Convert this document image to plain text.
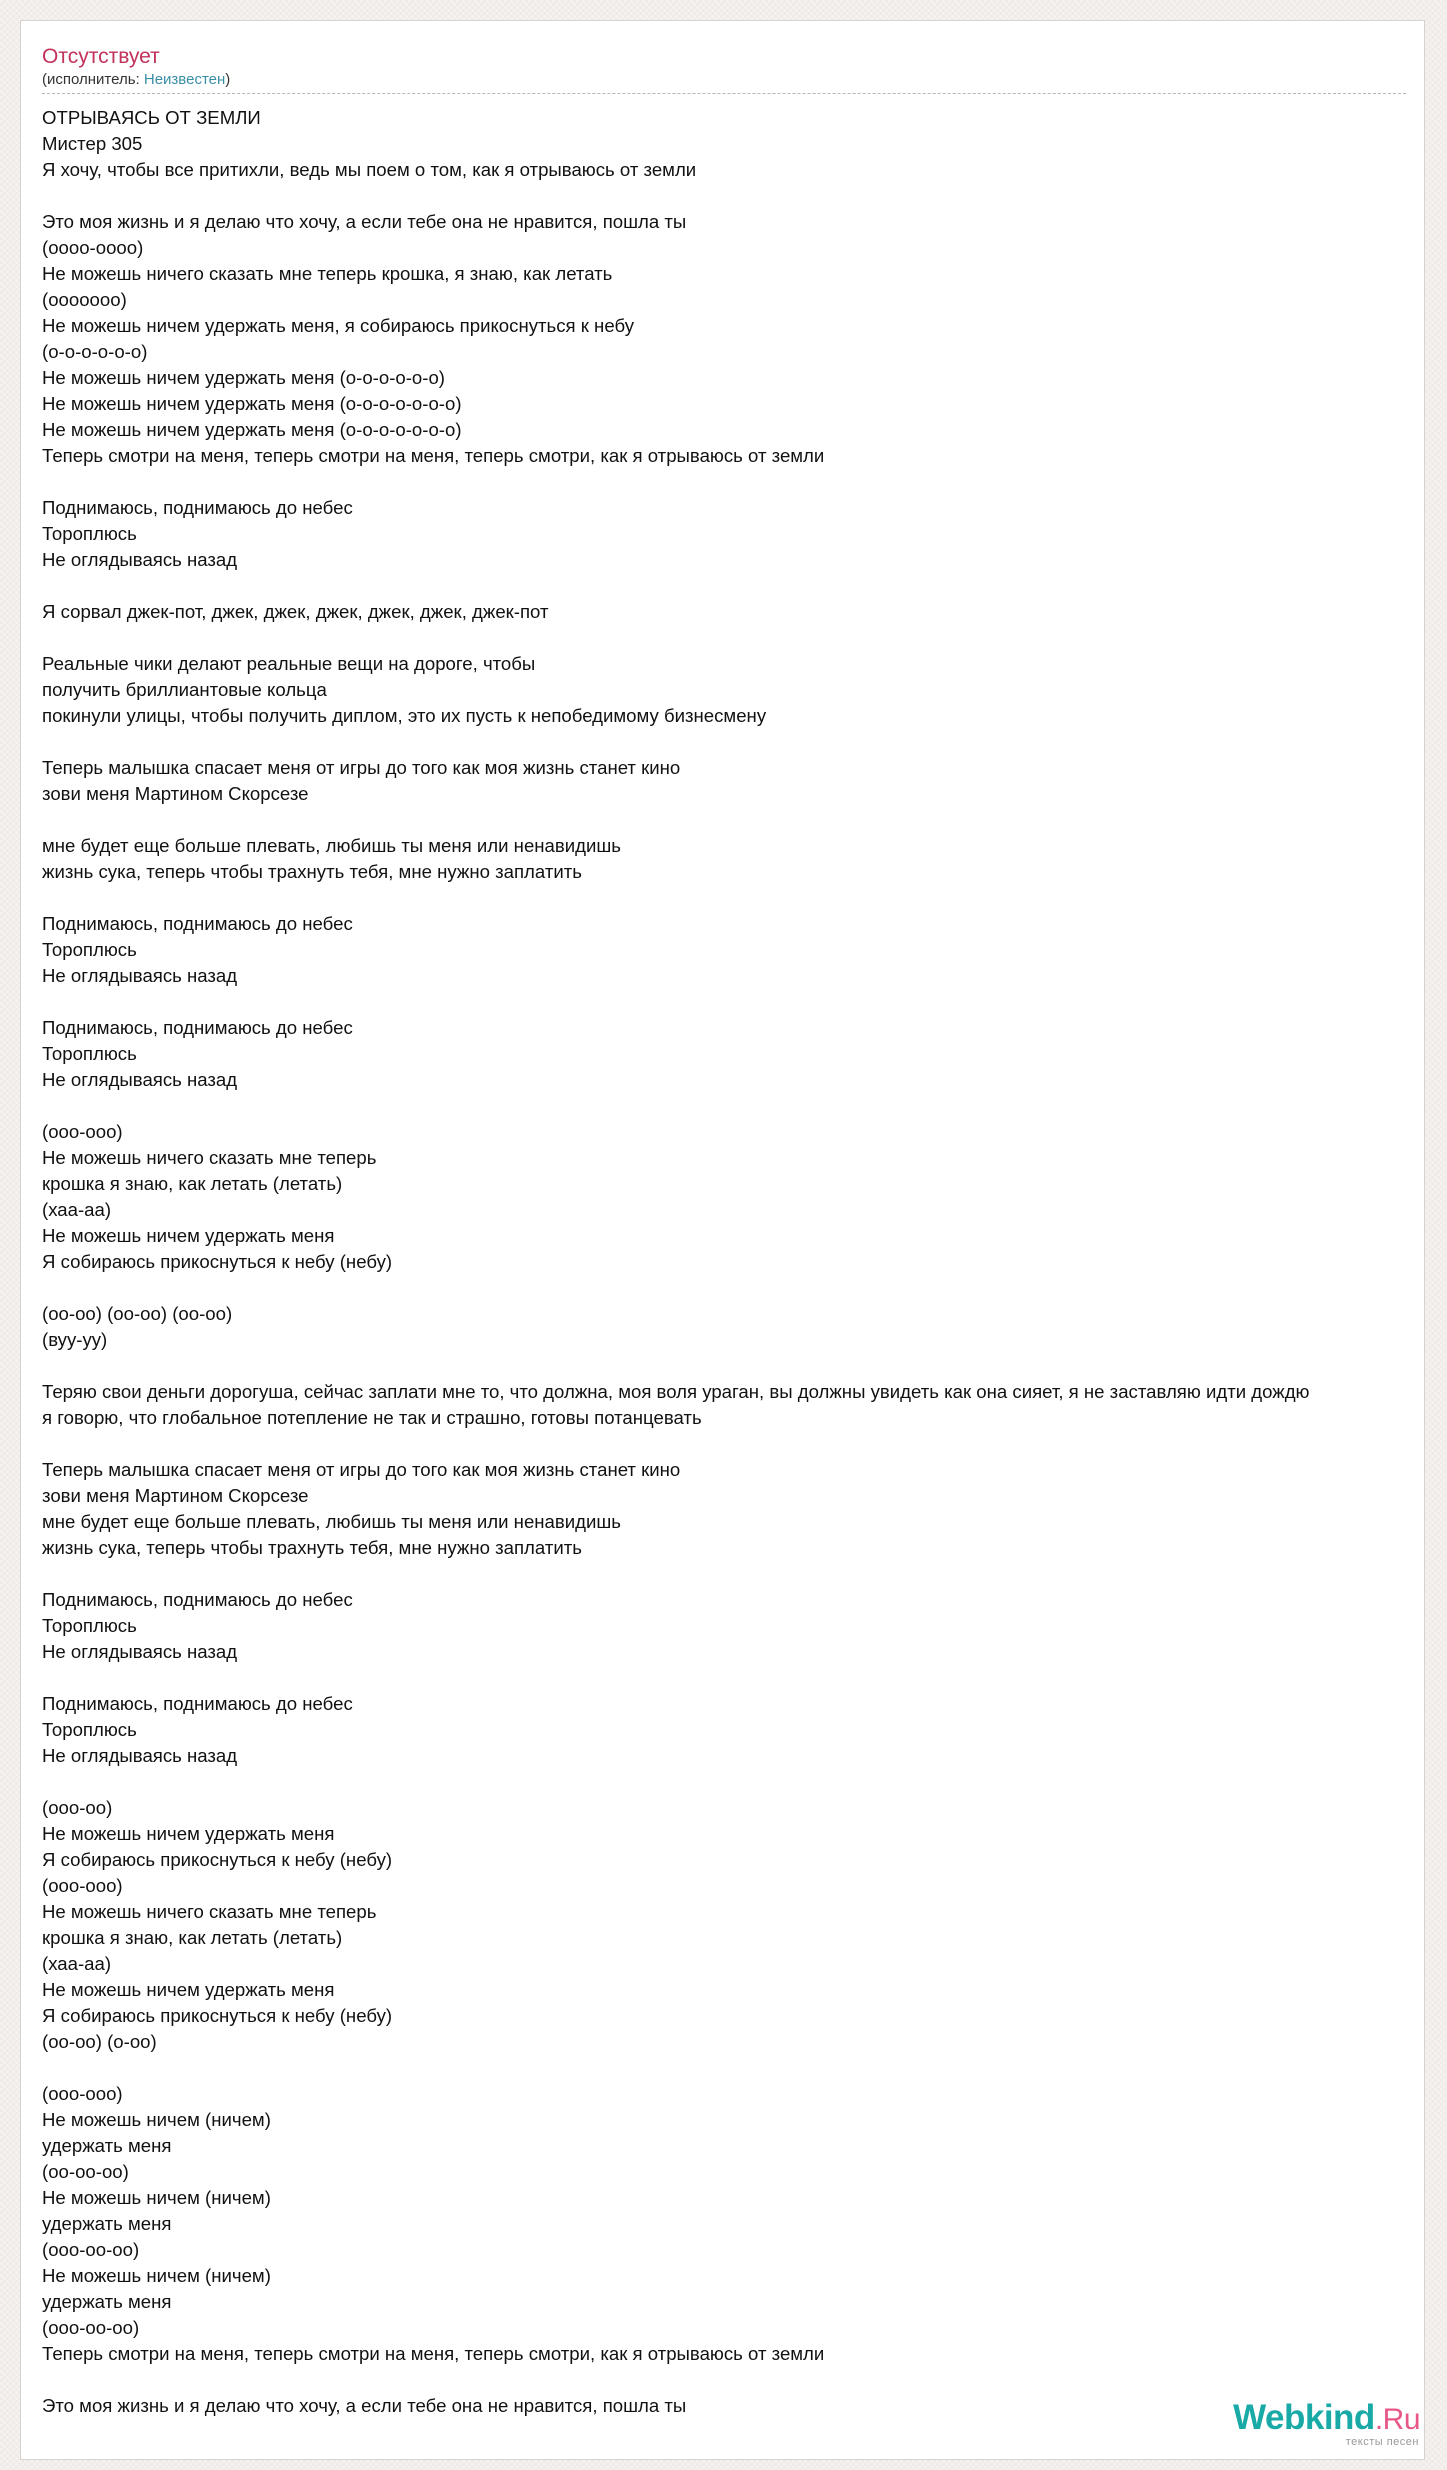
Отсутствует
(исполнитель: Неизвестен)
ОТРЫВАЯСЬ ОТ ЗЕМЛИ
Мистер 305
Я хочу, чтобы все притихли, ведь мы поем о том, как я отрываюсь от земли
Это моя жизнь и я делаю что хочу, а если тебе она не нравится, пошла ты
(оооо-оооо)
Не можешь ничего сказать мне теперь крошка, я знаю, как летать
(ооооооо)
Не можешь ничем удержать меня, я собираюсь прикоснуться к небу
(о-о-о-о-о-о)
Не можешь ничем удержать меня (о-о-о-о-о-о)
Не можешь ничем удержать меня (о-о-о-о-о-о-о)
Не можешь ничем удержать меня (о-о-о-о-о-о-о)
Теперь смотри на меня, теперь смотри на меня, теперь смотри, как я отрываюсь от земли
Поднимаюсь, поднимаюсь до небес
Тороплюсь
Не оглядываясь назад
Я сорвал джек-пот, джек, джек, джек, джек, джек, джек-пот
Реальные чики делают реальные вещи на дороге, чтобы
получить бриллиантовые кольца
покинули улицы, чтобы получить диплом, это их пусть к непобедимому бизнесмену
Теперь малышка спасает меня от игры до того как моя жизнь станет кино
зови меня Мартином Скорсезе
мне будет еще больше плевать, любишь ты меня или ненавидишь
жизнь сука, теперь чтобы трахнуть тебя, мне нужно заплатить
Поднимаюсь, поднимаюсь до небес
Тороплюсь
Не оглядываясь назад
Поднимаюсь, поднимаюсь до небес
Тороплюсь
Не оглядываясь назад
(ооо-ооо)
Не можешь ничего сказать мне теперь
крошка я знаю, как летать (летать)
(хаа-аа)
Не можешь ничем удержать меня
Я собираюсь прикоснуться к небу (небу)
(оо-оо) (оо-оо) (оо-оо)
(вуу-уу)
Теряю свои деньги дорогуша, сейчас заплати мне то, что должна, моя воля ураган, вы должны увидеть как она сияет, я не заставляю идти дождю
я говорю, что глобальное потепление не так и страшно, готовы потанцевать
Теперь малышка спасает меня от игры до того как моя жизнь станет кино
зови меня Мартином Скорсезе
мне будет еще больше плевать, любишь ты меня или ненавидишь
жизнь сука, теперь чтобы трахнуть тебя, мне нужно заплатить
Поднимаюсь, поднимаюсь до небес
Тороплюсь
Не оглядываясь назад
Поднимаюсь, поднимаюсь до небес
Тороплюсь
Не оглядываясь назад
(ооо-оо)
Не можешь ничем удержать меня
Я собираюсь прикоснуться к небу (небу)
(ооо-ооо)
Не можешь ничего сказать мне теперь
крошка я знаю, как летать (летать)
(хаа-аа)
Не можешь ничем удержать меня
Я собираюсь прикоснуться к небу (небу)
(оо-оо) (о-оо)
(ооо-ооо)
Не можешь ничем (ничем)
удержать меня
(оо-оо-оо)
Не можешь ничем (ничем)
удержать меня
(ооо-оо-оо)
Не можешь ничем (ничем)
удержать меня
(ооо-оо-оо)
Теперь смотри на меня, теперь смотри на меня, теперь смотри, как я отрываюсь от земли
Это моя жизнь и я делаю что хочу, а если тебе она не нравится, пошла ты	Webkind.Ru
тексты песен
